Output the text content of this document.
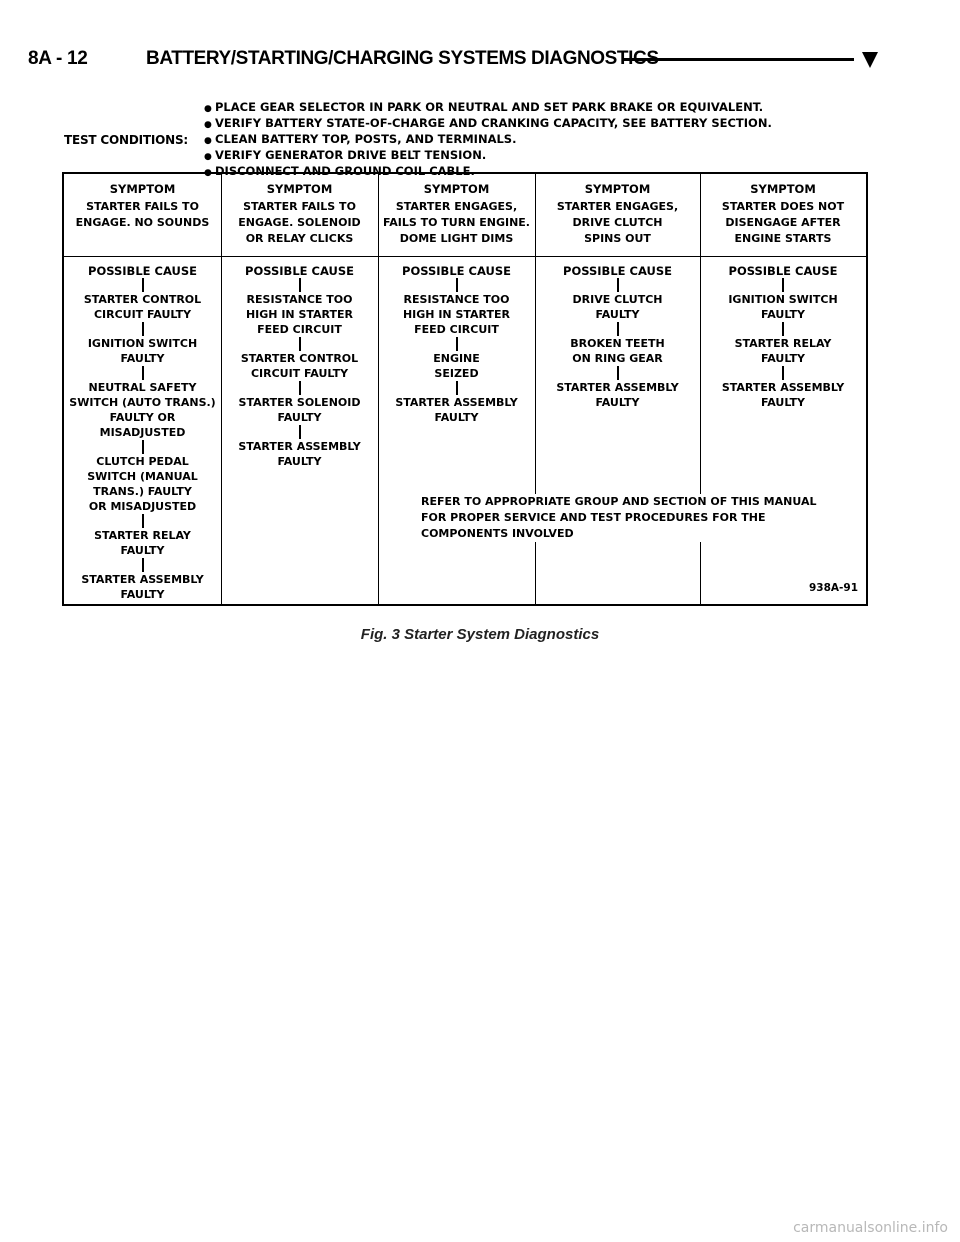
8A - 12	BATTERY/STARTING/CHARGING SYSTEMS DIAGNOSTICS
TEST CONDITIONS:
● PLACE GEAR SELECTOR IN PARK OR NEUTRAL AND SET PARK BRAKE OR EQUIVALENT.
● VERIFY BATTERY STATE-OF-CHARGE AND CRANKING CAPACITY, SEE BATTERY SECTION.
● CLEAN BATTERY TOP, POSTS, AND TERMINALS.
● VERIFY GENERATOR DRIVE BELT TENSION.
● DISCONNECT AND GROUND COIL CABLE.
SYMPTOM
STARTER FAILS TO
ENGAGE. NO SOUNDS
POSSIBLE CAUSE
STARTER CONTROL
CIRCUIT FAULTY
IGNITION SWITCH
FAULTY
NEUTRAL SAFETY
SWITCH (AUTO TRANS.)
FAULTY OR
MISADJUSTED
CLUTCH PEDAL
SWITCH (MANUAL
TRANS.) FAULTY
OR MISADJUSTED
STARTER RELAY
FAULTY
STARTER ASSEMBLY
FAULTY
SYMPTOM
STARTER FAILS TO
ENGAGE. SOLENOID
OR RELAY CLICKS
POSSIBLE CAUSE
RESISTANCE TOO
HIGH IN STARTER
FEED CIRCUIT
STARTER CONTROL
CIRCUIT FAULTY
STARTER SOLENOID
FAULTY
STARTER ASSEMBLY
FAULTY
SYMPTOM
STARTER ENGAGES,
FAILS TO TURN ENGINE.
DOME LIGHT DIMS
POSSIBLE CAUSE
RESISTANCE TOO
HIGH IN STARTER
FEED CIRCUIT
ENGINE
SEIZED
STARTER ASSEMBLY
FAULTY
SYMPTOM
STARTER ENGAGES,
DRIVE CLUTCH
SPINS OUT
POSSIBLE CAUSE
DRIVE CLUTCH
FAULTY
BROKEN TEETH
ON RING GEAR
STARTER ASSEMBLY
FAULTY
SYMPTOM
STARTER DOES NOT
DISENGAGE AFTER
ENGINE STARTS
POSSIBLE CAUSE
IGNITION SWITCH
FAULTY
STARTER RELAY
FAULTY
STARTER ASSEMBLY
FAULTY
REFER TO APPROPRIATE GROUP AND SECTION OF THIS MANUAL
FOR PROPER SERVICE AND TEST PROCEDURES FOR THE
COMPONENTS INVOLVED
938A-91
Fig. 3 Starter System Diagnostics
carmanualsonline.info
